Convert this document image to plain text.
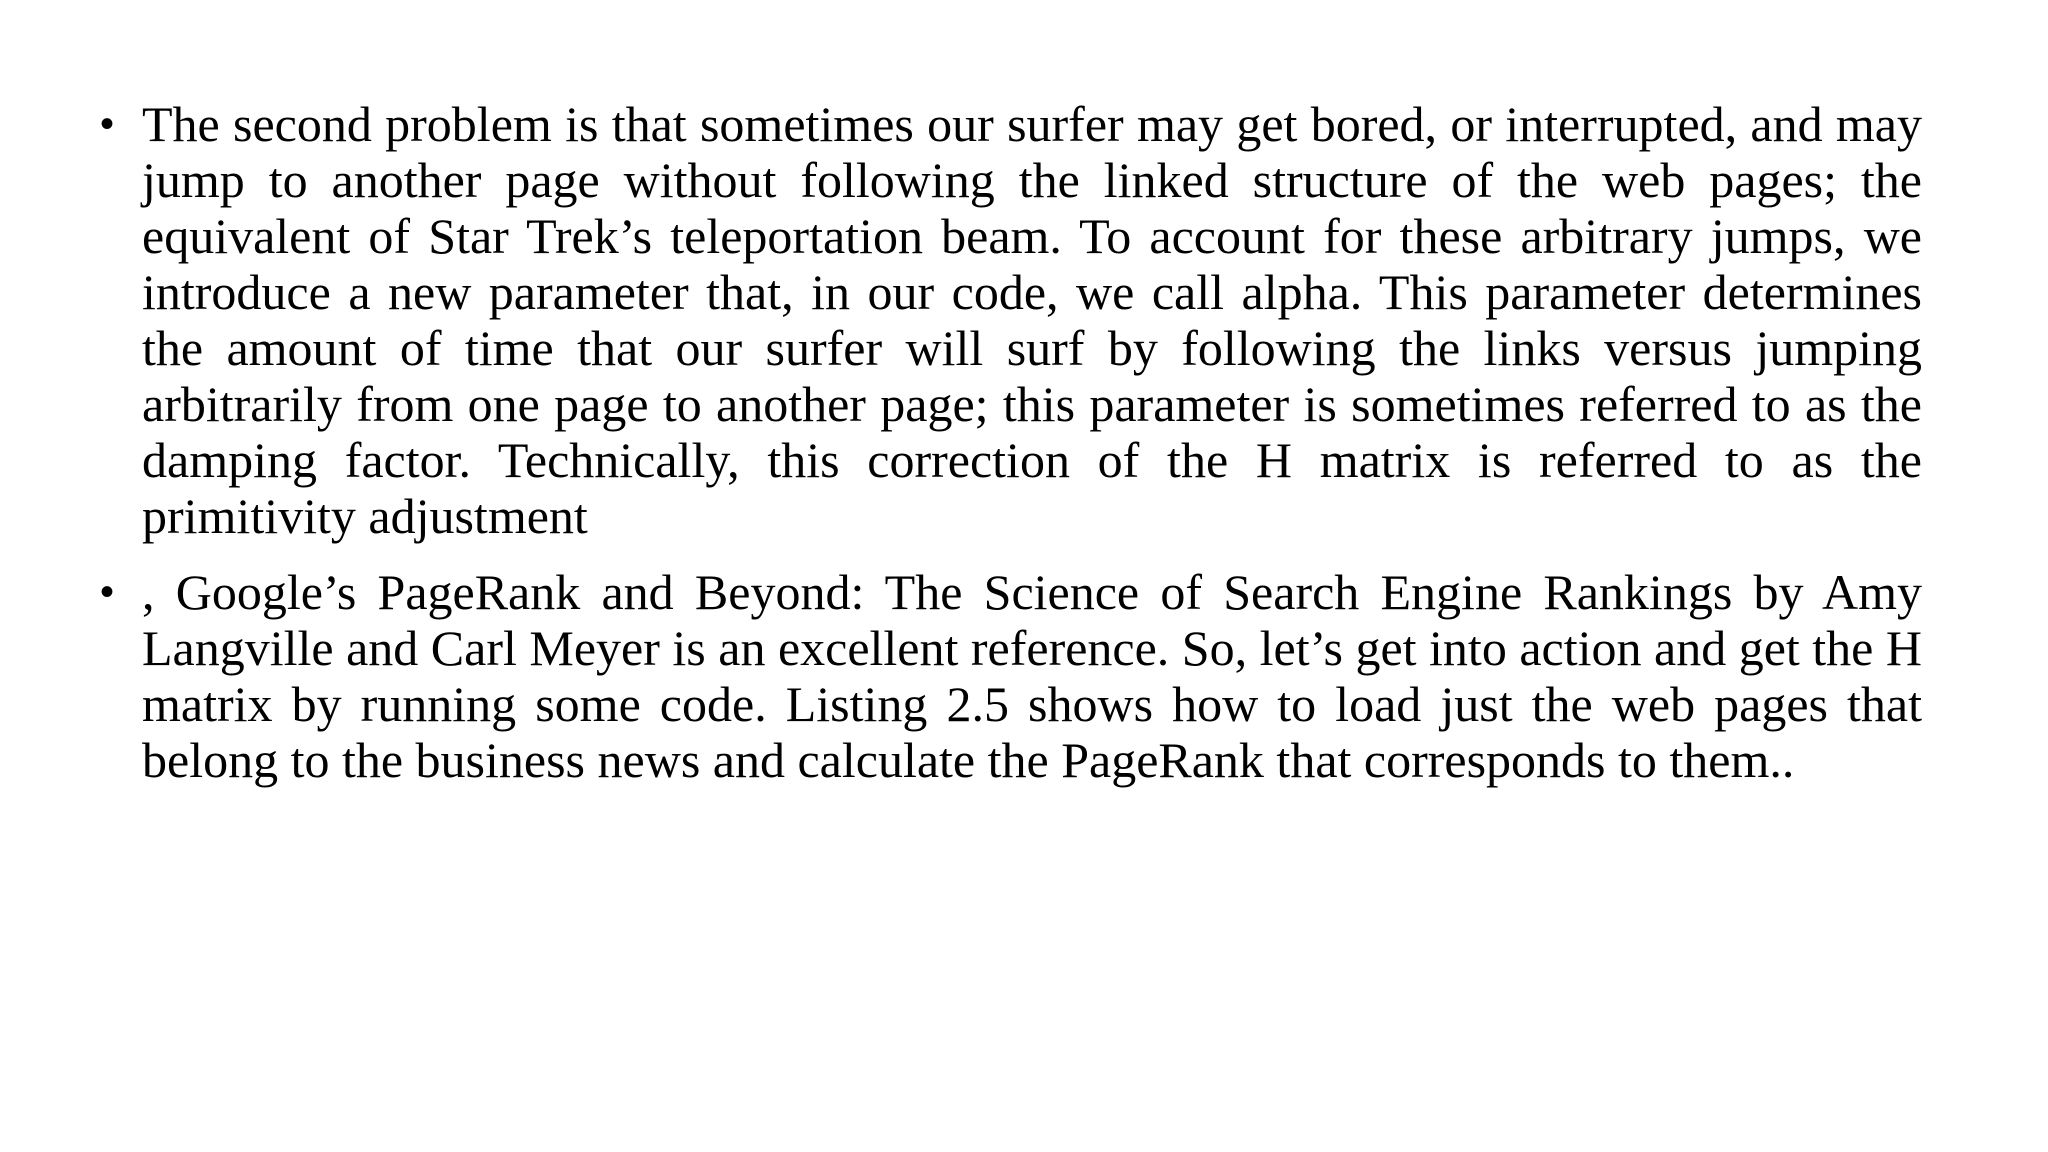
• The second problem is that sometimes our surfer may get bored, or interrupted, and may jump to another page without following the linked structure of the web pages; the equivalent of Star Trek’s teleportation beam. To account for these arbitrary jumps, we introduce a new parameter that, in our code, we call alpha. This parameter determines the amount of time that our surfer will surf by following the links versus jumping arbitrarily from one page to another page; this parameter is sometimes referred to as the damping factor. Technically, this correction of the H matrix is referred to as the primitivity adjustment
• , Google’s PageRank and Beyond: The Science of Search Engine Rankings by Amy Langville and Carl Meyer is an excellent reference. So, let’s get into action and get the H matrix by running some code. Listing 2.5 shows how to load just the web pages that belong to the business news and calculate the PageRank that corresponds to them..
